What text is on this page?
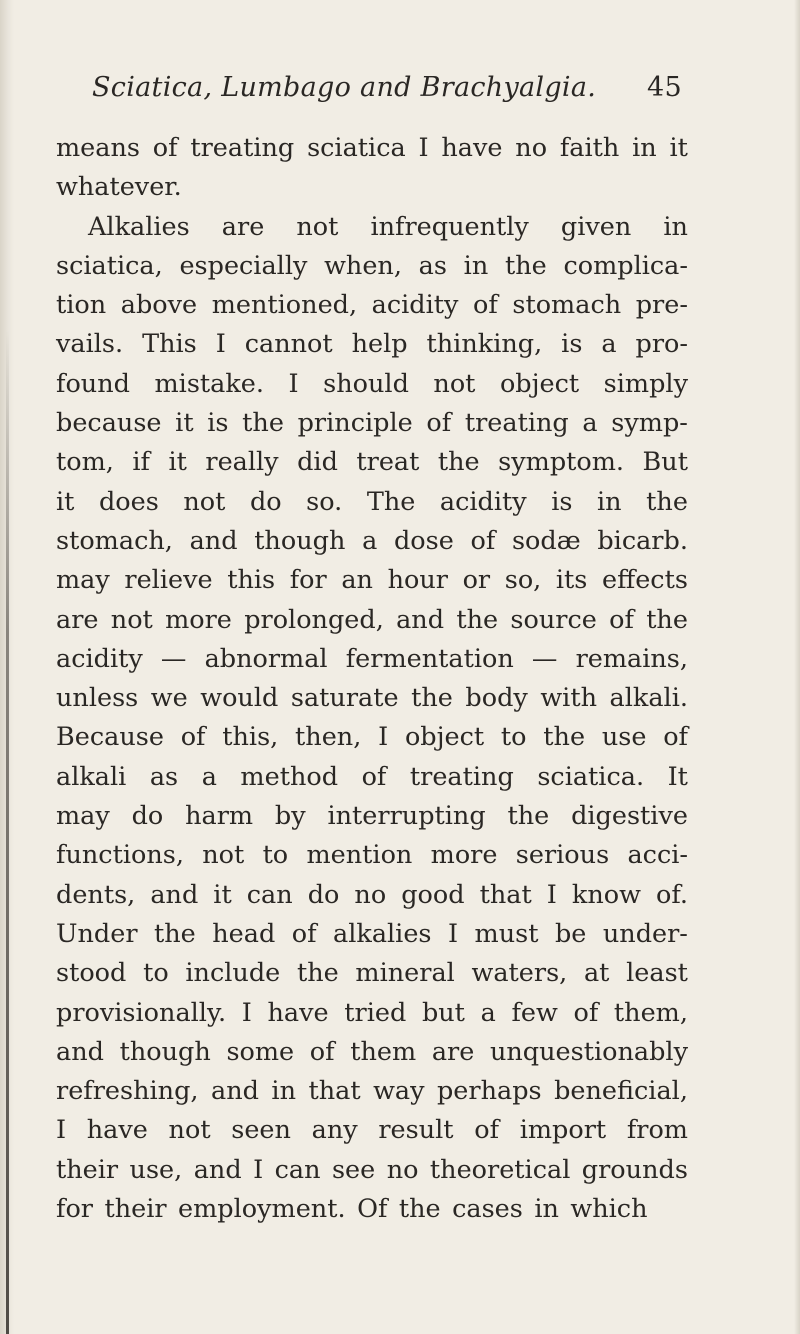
Sciatica, Lumbago and Brachyalgia. 45
means of treating sciatica I have no faith in it
whatever.
Alkalies are not infrequently given in
sciatica, especially when, as in the complica-
tion above mentioned, acidity of stomach pre-
vails. This I cannot help thinking, is a pro-
found mistake. I should not object simply
because it is the principle of treating a symp-
tom, if it really did treat the symptom. But
it does not do so. The acidity is in the
stomach, and though a dose of sodæ bicarb.
may relieve this for an hour or so, its effects
are not more prolonged, and the source of the
acidity — abnormal fermentation — remains,
unless we would saturate the body with alkali.
Because of this, then, I object to the use of
alkali as a method of treating sciatica. It
may do harm by interrupting the digestive
functions, not to mention more serious acci-
dents, and it can do no good that I know of.
Under the head of alkalies I must be under-
stood to include the mineral waters, at least
provisionally. I have tried but a few of them,
and though some of them are unquestionably
refreshing, and in that way perhaps beneficial,
I have not seen any result of import from
their use, and I can see no theoretical grounds
for their employment. Of the cases in which
